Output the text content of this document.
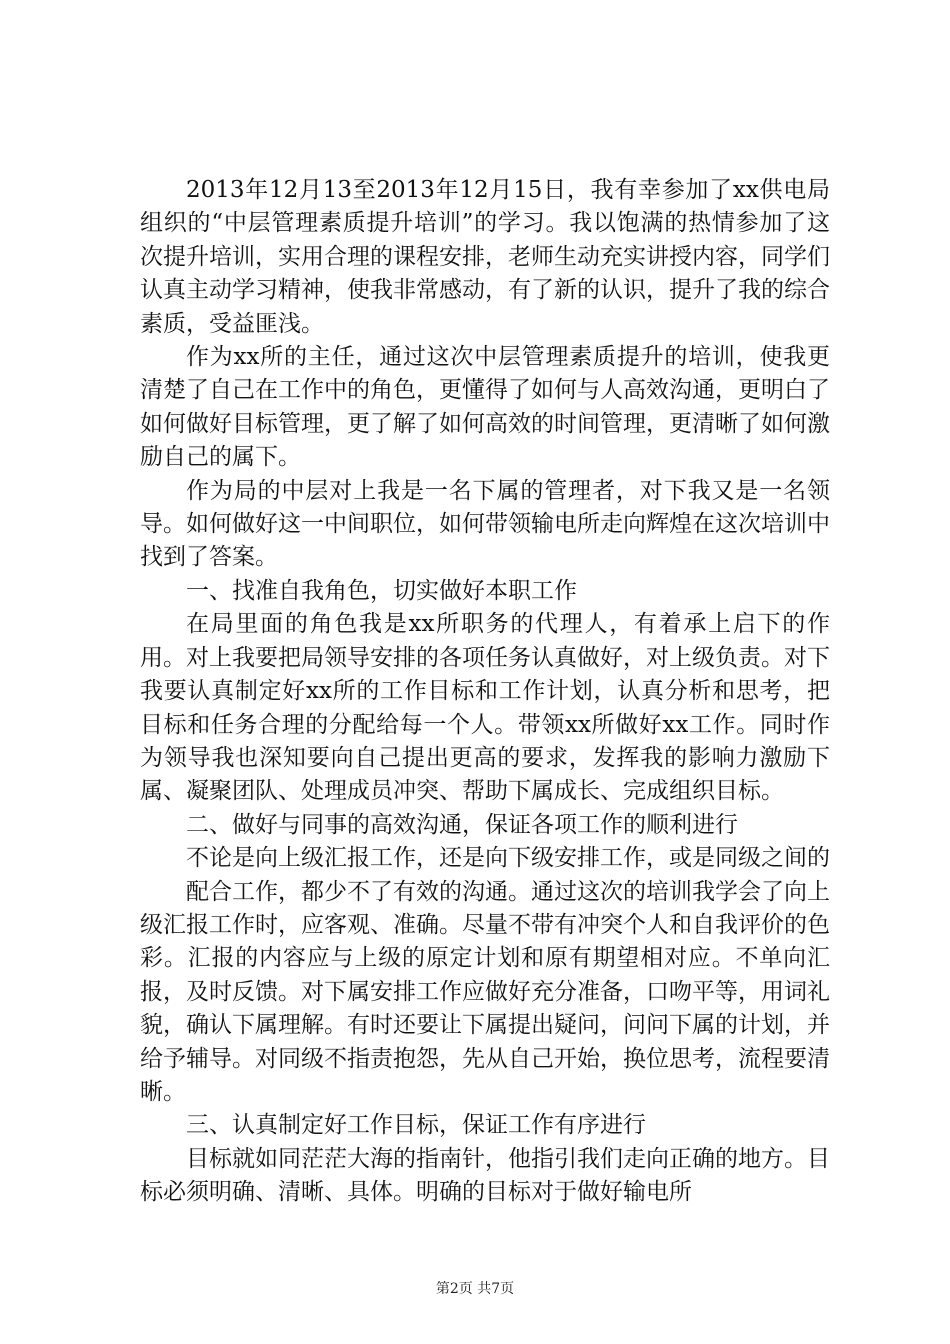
2013年12月13至2013年12月15日，我有幸参加了xx供电局组织的“中层管理素质提升培训”的学习。我以饱满的热情参加了这次提升培训，实用合理的课程安排，老师生动充实讲授内容，同学们认真主动学习精神，使我非常感动，有了新的认识，提升了我的综合素质，受益匪浅。

作为xx所的主任，通过这次中层管理素质提升的培训，使我更清楚了自己在工作中的角色，更懂得了如何与人高效沟通，更明白了如何做好目标管理，更了解了如何高效的时间管理，更清晰了如何激励自己的属下。

作为局的中层对上我是一名下属的管理者，对下我又是一名领导。如何做好这一中间职位，如何带领输电所走向辉煌在这次培训中找到了答案。

一、找准自我角色，切实做好本职工作

在局里面的角色我是xx所职务的代理人，有着承上启下的作用。对上我要把局领导安排的各项任务认真做好，对上级负责。对下我要认真制定好xx所的工作目标和工作计划，认真分析和思考，把目标和任务合理的分配给每一个人。带领xx所做好xx工作。同时作为领导我也深知要向自己提出更高的要求，发挥我的影响力激励下属、凝聚团队、处理成员冲突、帮助下属成长、完成组织目标。

二、做好与同事的高效沟通，保证各项工作的顺利进行

不论是向上级汇报工作，还是向下级安排工作，或是同级之间的

配合工作，都少不了有效的沟通。通过这次的培训我学会了向上级汇报工作时，应客观、准确。尽量不带有冲突个人和自我评价的色彩。汇报的内容应与上级的原定计划和原有期望相对应。不单向汇报，及时反馈。对下属安排工作应做好充分准备，口吻平等，用词礼貌，确认下属理解。有时还要让下属提出疑问，问问下属的计划，并给予辅导。对同级不指责抱怨，先从自己开始，换位思考，流程要清晰。

三、认真制定好工作目标，保证工作有序进行

目标就如同茫茫大海的指南针，他指引我们走向正确的地方。目标必须明确、清晰、具体。明确的目标对于做好输电所

第2页 共7页
